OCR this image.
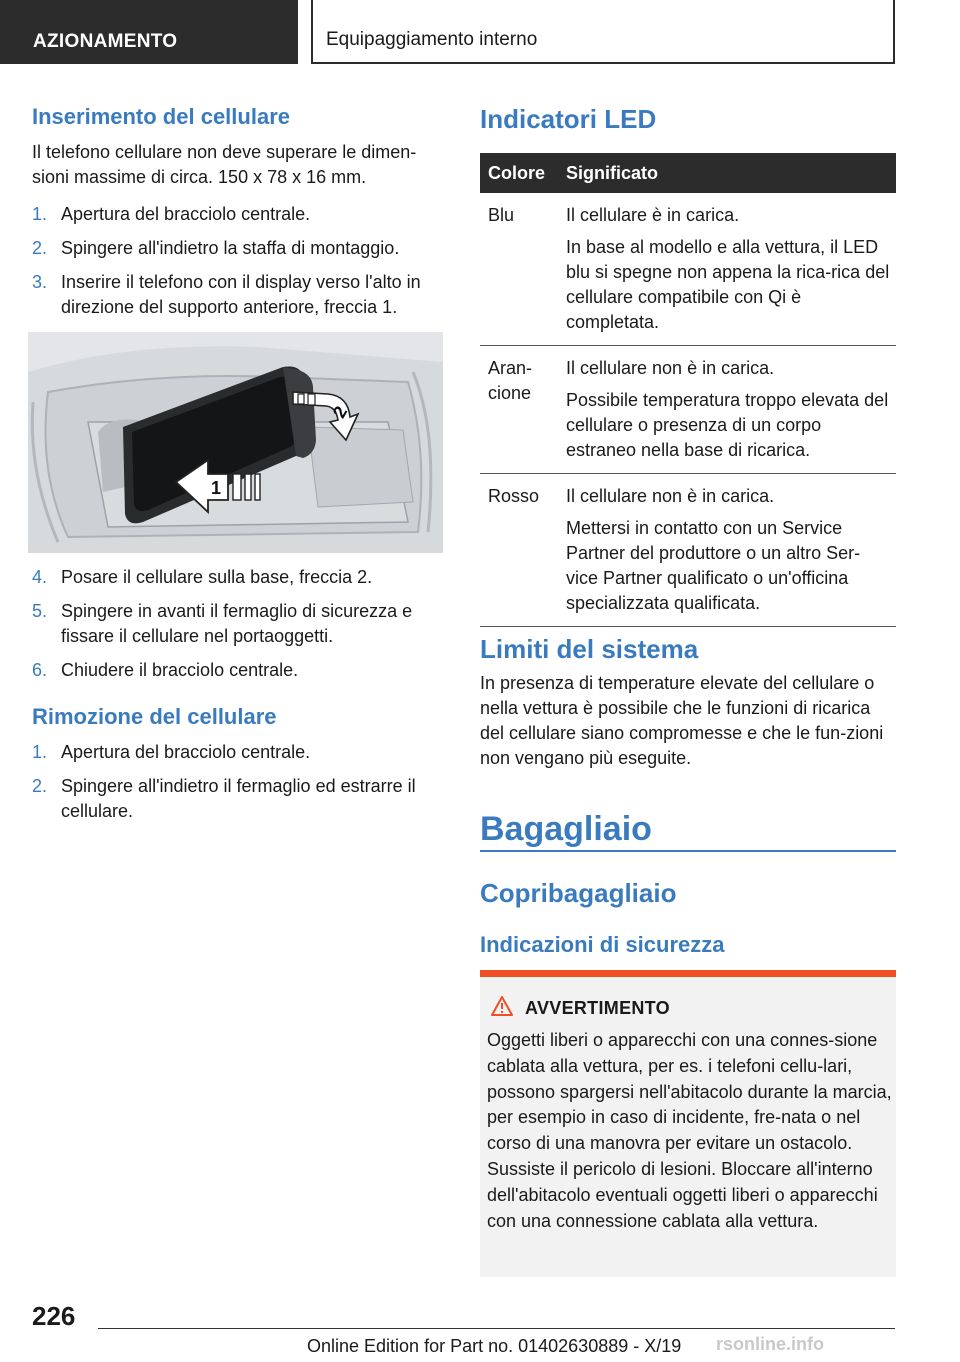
AZIONAMENTO	Equipaggiamento interno
Inserimento del cellulare

Il telefono cellulare non deve superare le dimen-sioni massime di circa. 150 x 78 x 16 mm.

1. Apertura del bracciolo centrale.
2. Spingere all'indietro la staffa di montaggio.
3. Inserire il telefono con il display verso l'alto in direzione del supporto anteriore, freccia 1.
2
1
4. Posare il cellulare sulla base, freccia 2.
5. Spingere in avanti il fermaglio di sicurezza e fissare il cellulare nel portaoggetti.
6. Chiudere il bracciolo centrale.
Rimozione del cellulare
1. Apertura del bracciolo centrale.
2. Spingere all'indietro il fermaglio ed estrarre il cellulare.
Indicatori LED
Colore	Significato
Blu	Il cellulare è in carica.

In base al modello e alla vettura, il LED blu si spegne non appena la rica-rica del cellulare compatibile con Qi è completata.

Aran-cione	Il cellulare non è in carica.

Possibile temperatura troppo elevata del cellulare o presenza di un corpo estraneo nella base di ricarica.

Rosso	Il cellulare non è in carica.

Mettersi in contatto con un Service Partner del produttore o un altro Ser-vice Partner qualificato o un'officina specializzata qualificata.

Limiti del sistema

In presenza di temperature elevate del cellulare o nella vettura è possibile che le funzioni di ricarica del cellulare siano compromesse e che le fun-zioni non vengano più eseguite.

Bagagliaio
Copribagagliaio
Indicazioni di sicurezza
AVVERTIMENTO
Oggetti liberi o apparecchi con una connes-sione cablata alla vettura, per es. i telefoni cellu-lari, possono spargersi nell'abitacolo durante la marcia, per esempio in caso di incidente, fre-nata o nel corso di una manovra per evitare un ostacolo. Sussiste il pericolo di lesioni. Bloccare all'interno dell'abitacolo eventuali oggetti liberi o apparecchi con una connessione cablata alla vettura.
226
Online Edition for Part no. 01402630889 - X/19 rsonline.info
